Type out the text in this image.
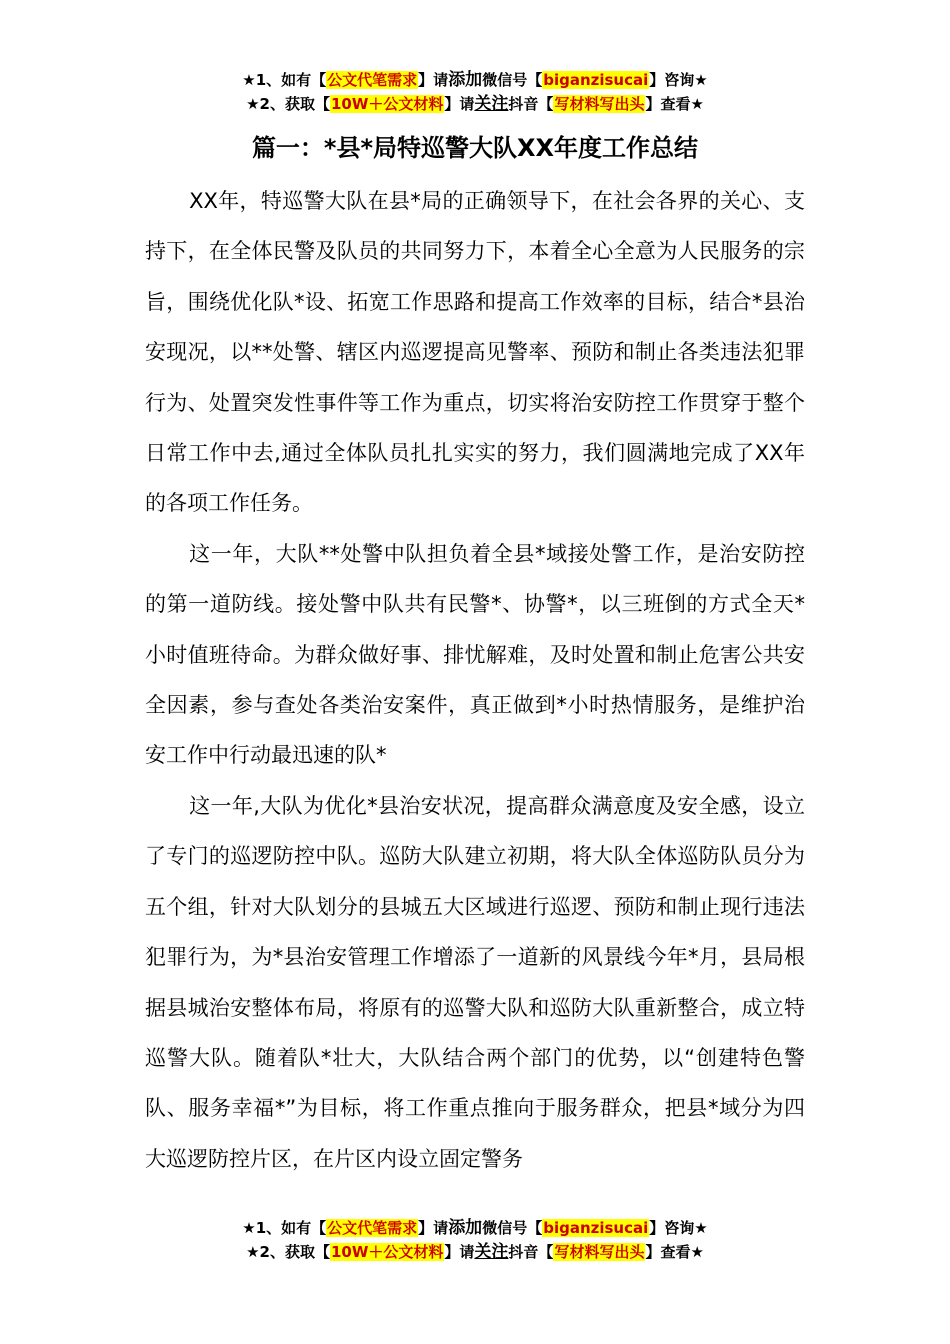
★1、如有【公文代笔需求】请添加微信号【biganzisucai】咨询★
★2、获取【10W＋公文材料】请关注抖音【写材料写出头】查看★
篇一：*县*局特巡警大队XX年度工作总结

XX年，特巡警大队在县*局的正确领导下，在社会各界的关心、支持下，在全体民警及队员的共同努力下，本着全心全意为人民服务的宗旨，围绕优化队*设、拓宽工作思路和提高工作效率的目标，结合*县治安现况，以**处警、辖区内巡逻提高见警率、预防和制止各类违法犯罪行为、处置突发性事件等工作为重点，切实将治安防控工作贯穿于整个日常工作中去,通过全体队员扎扎实实的努力，我们圆满地完成了XX年的各项工作任务。

这一年，大队**处警中队担负着全县*域接处警工作，是治安防控的第一道防线。接处警中队共有民警*、协警*，以三班倒的方式全天*小时值班待命。为群众做好事、排忧解难，及时处置和制止危害公共安全因素，参与查处各类治安案件，真正做到*小时热情服务，是维护治安工作中行动最迅速的队*

这一年,大队为优化*县治安状况，提高群众满意度及安全感，设立了专门的巡逻防控中队。巡防大队建立初期，将大队全体巡防队员分为五个组，针对大队划分的县城五大区域进行巡逻、预防和制止现行违法犯罪行为，为*县治安管理工作增添了一道新的风景线今年*月，县局根据县城治安整体布局，将原有的巡警大队和巡防大队重新整合，成立特巡警大队。随着队*壮大，大队结合两个部门的优势，以“创建特色警队、服务幸福*”为目标，将工作重点推向于服务群众，把县*域分为四大巡逻防控片区，在片区内设立固定警务

★1、如有【公文代笔需求】请添加微信号【biganzisucai】咨询★
★2、获取【10W＋公文材料】请关注抖音【写材料写出头】查看★
